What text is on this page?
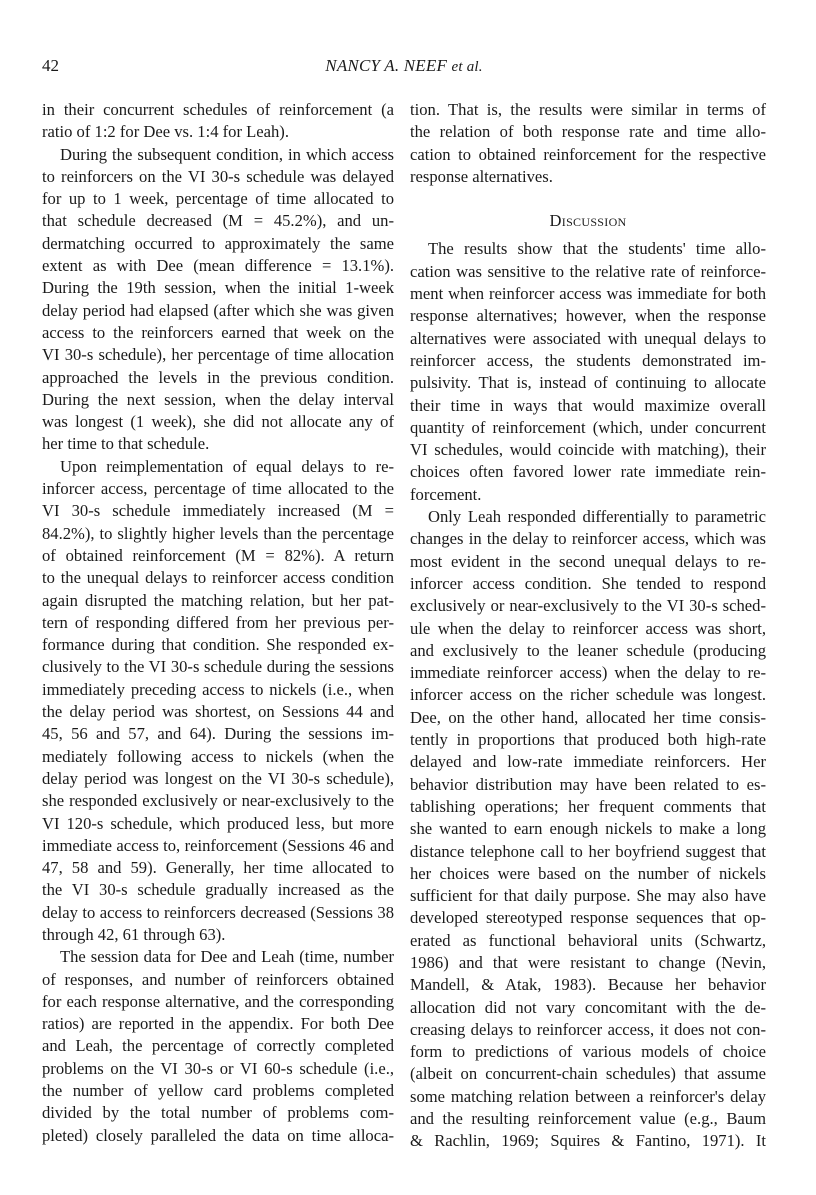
42	NANCY A. NEEF et al.
in their concurrent schedules of reinforcement (a
ratio of 1:2 for Dee vs. 1:4 for Leah).
During the subsequent condition, in which access
to reinforcers on the VI 30-s schedule was delayed
for up to 1 week, percentage of time allocated to
that schedule decreased (M = 45.2%), and un-
dermatching occurred to approximately the same
extent as with Dee (mean difference = 13.1%).
During the 19th session, when the initial 1-week
delay period had elapsed (after which she was given
access to the reinforcers earned that week on the
VI 30-s schedule), her percentage of time allocation
approached the levels in the previous condition.
During the next session, when the delay interval
was longest (1 week), she did not allocate any of
her time to that schedule.
Upon reimplementation of equal delays to re-
inforcer access, percentage of time allocated to the
VI 30-s schedule immediately increased (M =
84.2%), to slightly higher levels than the percentage
of obtained reinforcement (M = 82%). A return
to the unequal delays to reinforcer access condition
again disrupted the matching relation, but her pat-
tern of responding differed from her previous per-
formance during that condition. She responded ex-
clusively to the VI 30-s schedule during the sessions
immediately preceding access to nickels (i.e., when
the delay period was shortest, on Sessions 44 and
45, 56 and 57, and 64). During the sessions im-
mediately following access to nickels (when the
delay period was longest on the VI 30-s schedule),
she responded exclusively or near-exclusively to the
VI 120-s schedule, which produced less, but more
immediate access to, reinforcement (Sessions 46 and
47, 58 and 59). Generally, her time allocated to
the VI 30-s schedule gradually increased as the
delay to access to reinforcers decreased (Sessions 38
through 42, 61 through 63).
The session data for Dee and Leah (time, number
of responses, and number of reinforcers obtained
for each response alternative, and the corresponding
ratios) are reported in the appendix. For both Dee
and Leah, the percentage of correctly completed
problems on the VI 30-s or VI 60-s schedule (i.e.,
the number of yellow card problems completed
divided by the total number of problems com-
pleted) closely paralleled the data on time alloca-
tion. That is, the results were similar in terms of
the relation of both response rate and time allo-
cation to obtained reinforcement for the respective
response alternatives.
Discussion
The results show that the students' time allo-
cation was sensitive to the relative rate of reinforce-
ment when reinforcer access was immediate for both
response alternatives; however, when the response
alternatives were associated with unequal delays to
reinforcer access, the students demonstrated im-
pulsivity. That is, instead of continuing to allocate
their time in ways that would maximize overall
quantity of reinforcement (which, under concurrent
VI schedules, would coincide with matching), their
choices often favored lower rate immediate rein-
forcement.
Only Leah responded differentially to parametric
changes in the delay to reinforcer access, which was
most evident in the second unequal delays to re-
inforcer access condition. She tended to respond
exclusively or near-exclusively to the VI 30-s sched-
ule when the delay to reinforcer access was short,
and exclusively to the leaner schedule (producing
immediate reinforcer access) when the delay to re-
inforcer access on the richer schedule was longest.
Dee, on the other hand, allocated her time consis-
tently in proportions that produced both high-rate
delayed and low-rate immediate reinforcers. Her
behavior distribution may have been related to es-
tablishing operations; her frequent comments that
she wanted to earn enough nickels to make a long
distance telephone call to her boyfriend suggest that
her choices were based on the number of nickels
sufficient for that daily purpose. She may also have
developed stereotyped response sequences that op-
erated as functional behavioral units (Schwartz,
1986) and that were resistant to change (Nevin,
Mandell, & Atak, 1983). Because her behavior
allocation did not vary concomitant with the de-
creasing delays to reinforcer access, it does not con-
form to predictions of various models of choice
(albeit on concurrent-chain schedules) that assume
some matching relation between a reinforcer's delay
and the resulting reinforcement value (e.g., Baum
& Rachlin, 1969; Squires & Fantino, 1971). It
